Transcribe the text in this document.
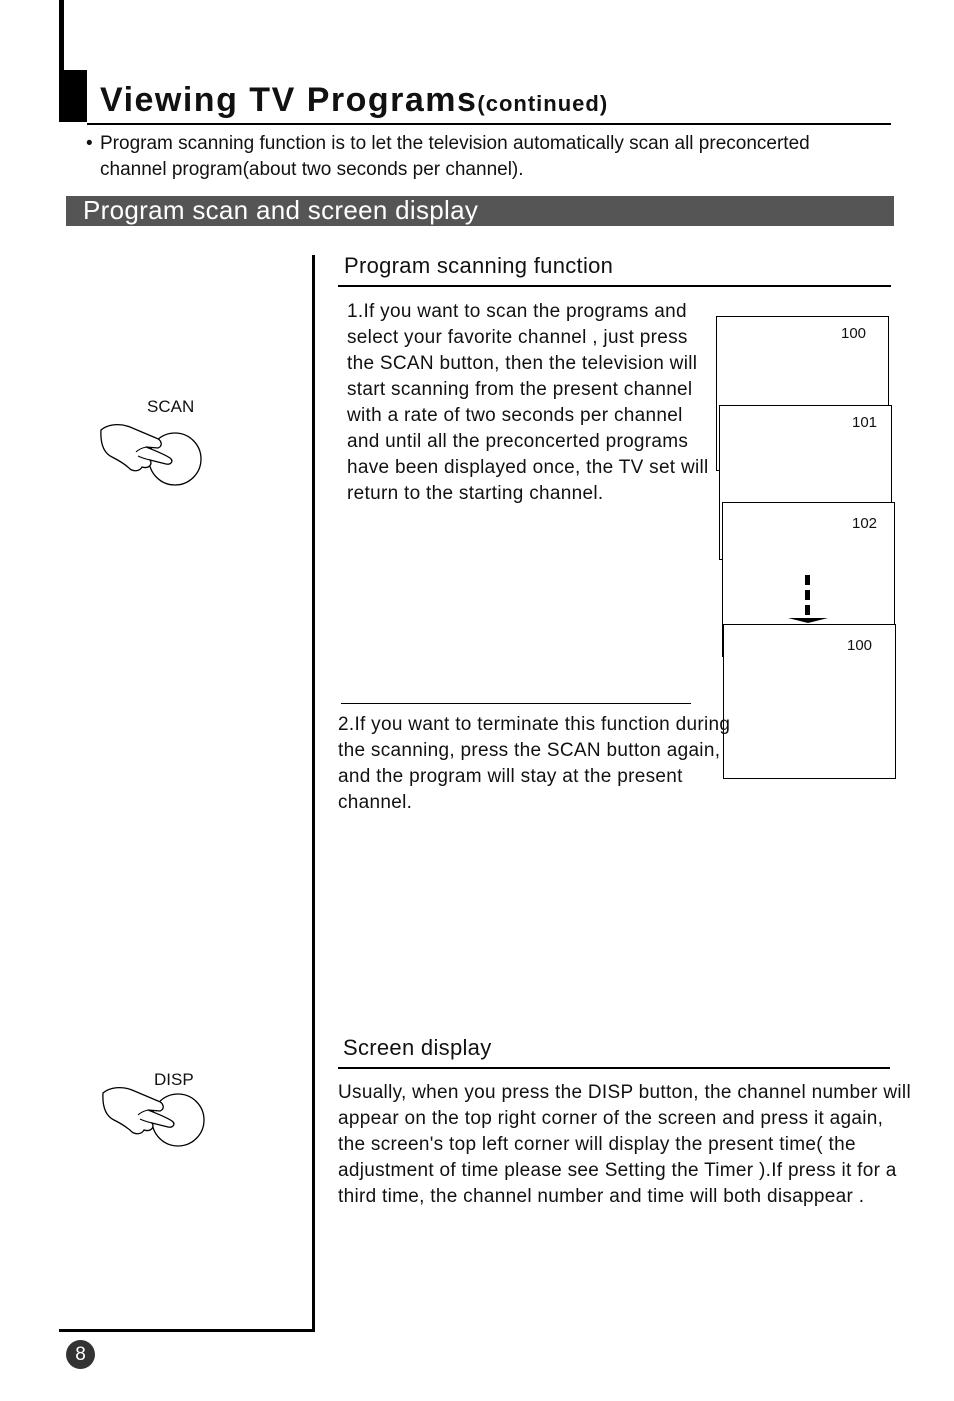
Viewing TV Programs(continued)
• Program scanning function is to let the television automatically scan all preconcerted channel program(about two seconds per channel).
Program scan and screen display
SCAN
Program scanning function
1.If you want to scan the programs and select your favorite channel , just press the SCAN button, then the television will start scanning from the present channel with a rate of two seconds per channel and until all the preconcerted programs have been displayed once, the TV set will return to the starting channel.
100
101
102
100
2.If you want to terminate this function during the scanning, press the SCAN button again, and the program will stay at the present channel.
DISP
Screen display
Usually, when you press the DISP button, the channel number will appear on the top right corner of the screen and press it again, the screen's top left corner will display the present time( the adjustment of time please see Setting the Timer ).If press it for a third time, the channel number and time will both disappear .
8
